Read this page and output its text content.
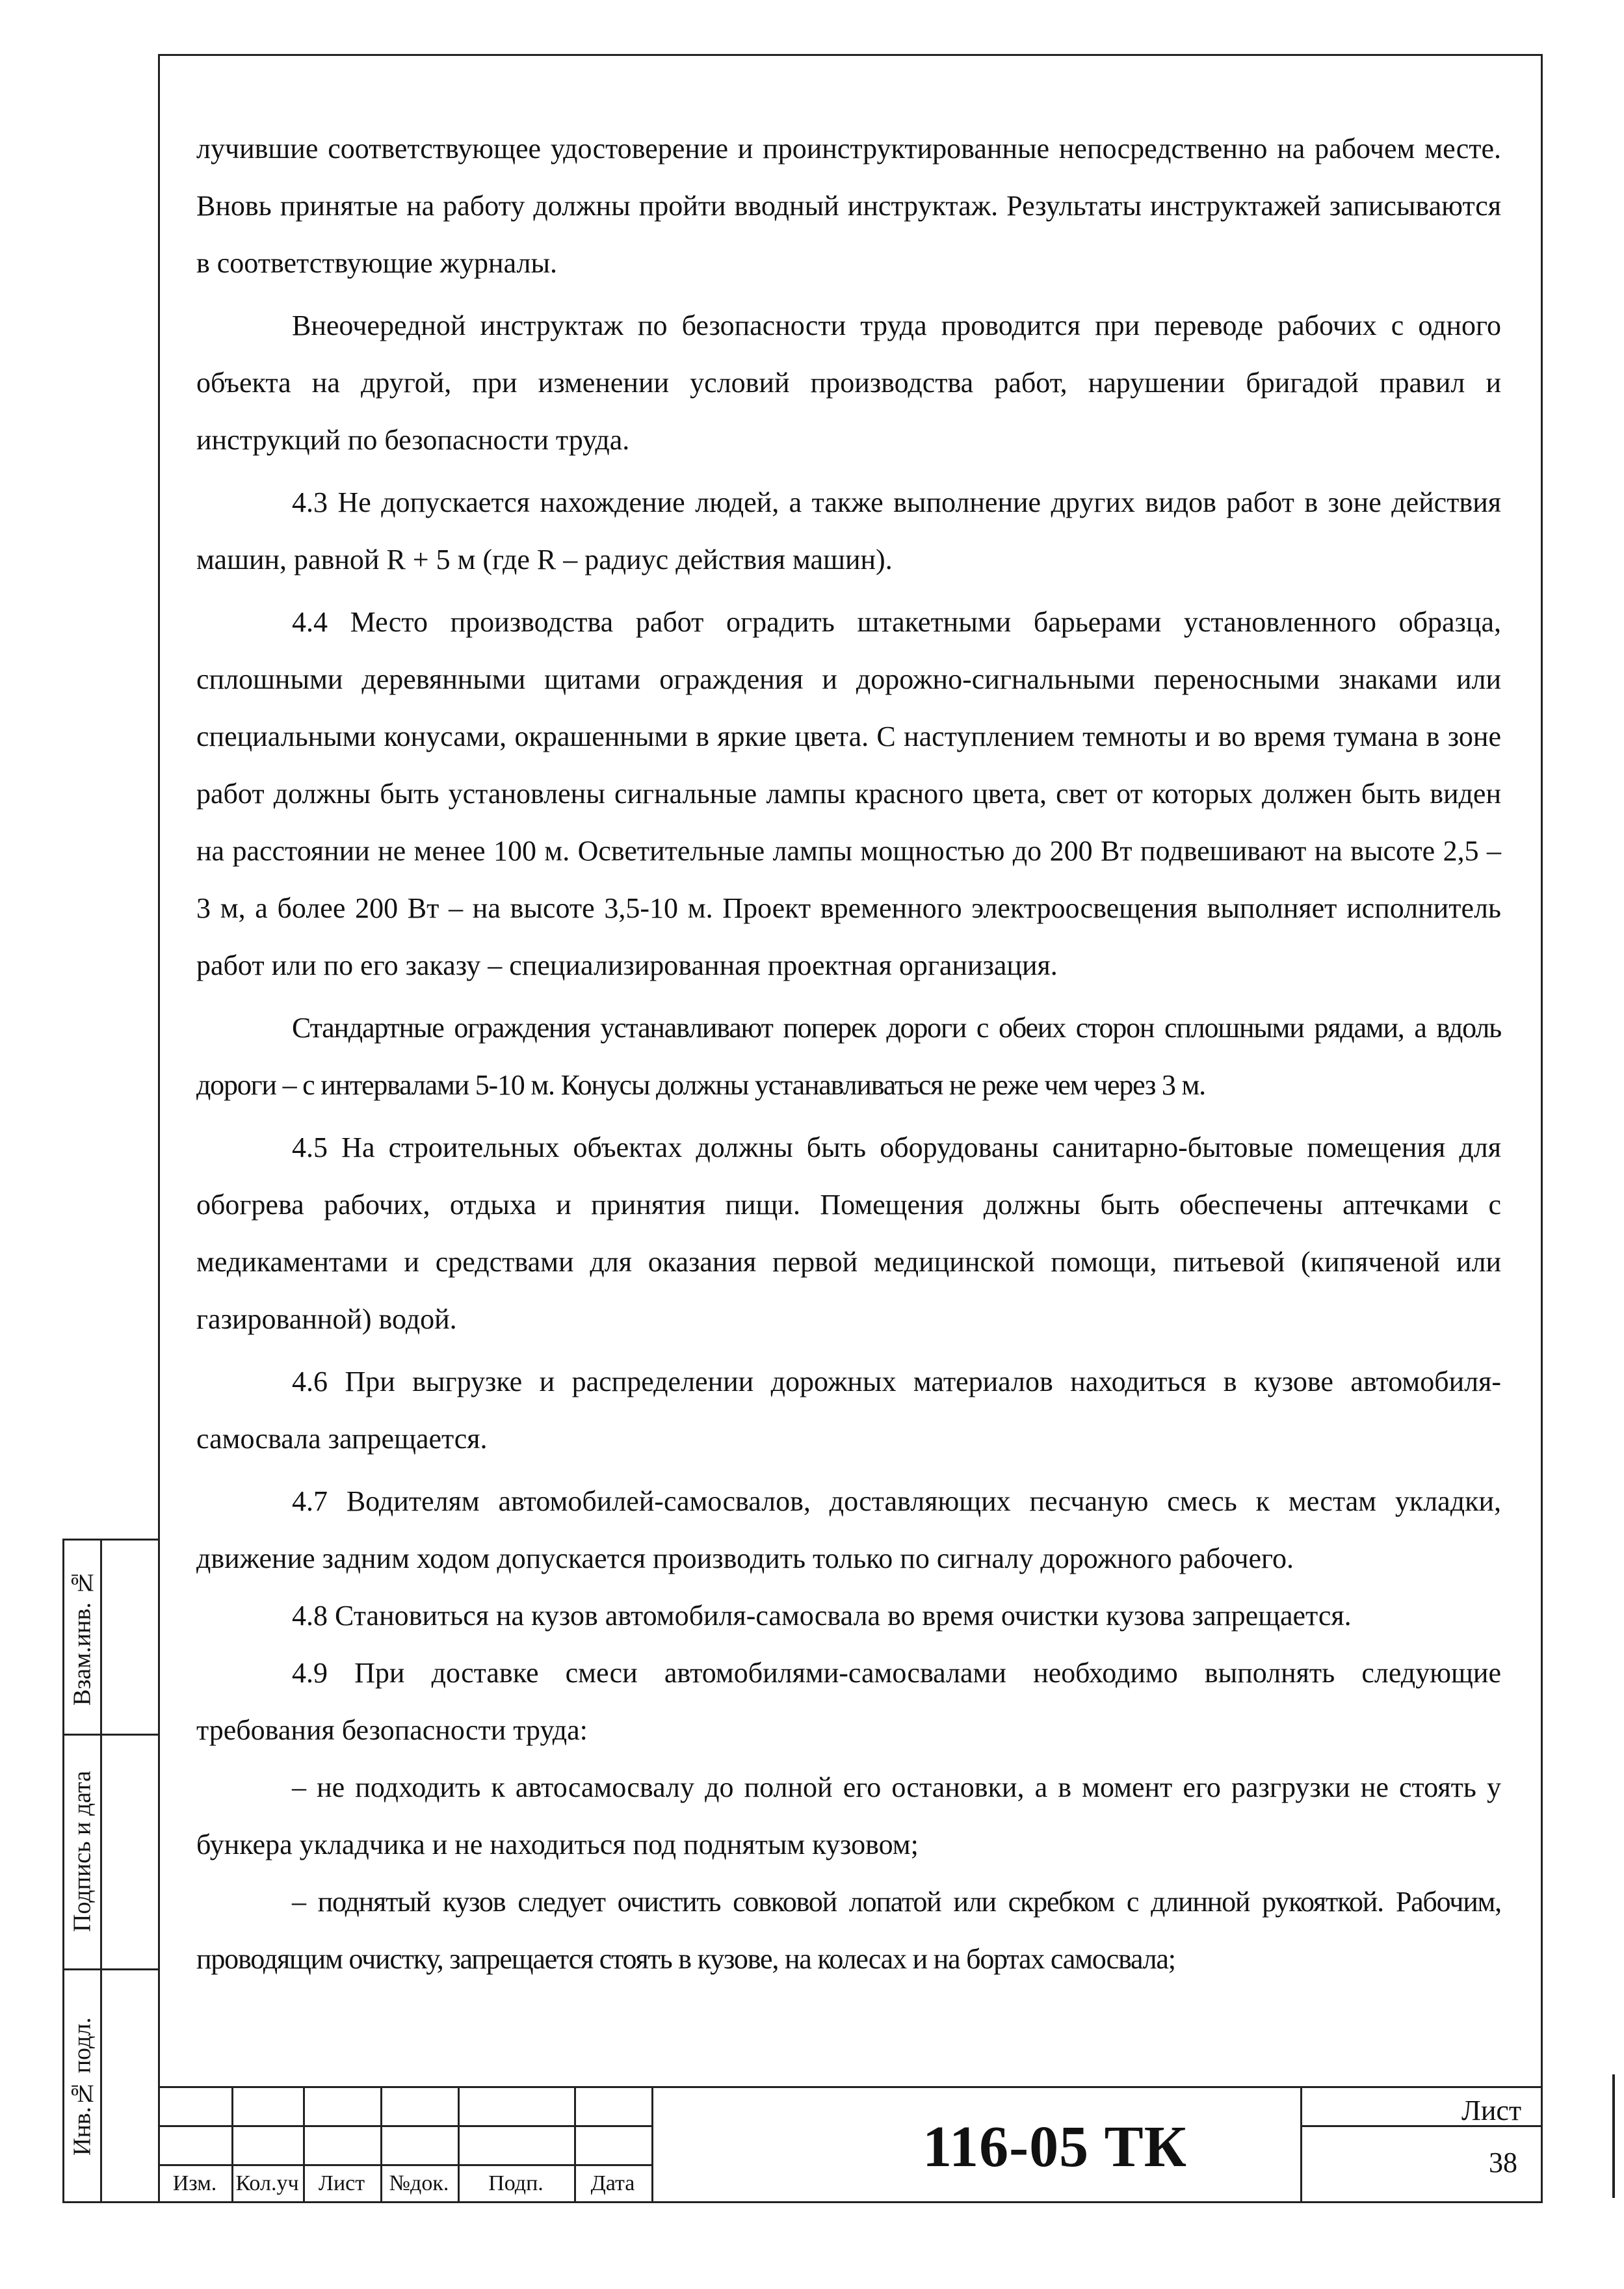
лучившие соответствующее удостоверение и проинструктированные непосредственно на рабочем месте. Вновь принятые на работу должны пройти вводный инструктаж. Результаты инструктажей записываются в соответствующие журналы.

Внеочередной инструктаж по безопасности труда проводится при переводе рабочих с одного объекта на другой, при изменении условий производства работ, нарушении бригадой правил и инструкций по безопасности труда.

4.3 Не допускается нахождение людей, а также выполнение других видов работ в зоне действия машин, равной R + 5 м (где R – радиус действия машин).

4.4 Место производства работ оградить штакетными барьерами установленного образца, сплошными деревянными щитами ограждения и дорожно-сигнальными переносными знаками или специальными конусами, окрашенными в яркие цвета. С наступлением темноты и во время тумана в зоне работ должны быть установлены сигнальные лампы красного цвета, свет от которых должен быть виден на расстоянии не менее 100 м. Осветительные лампы мощностью до 200 Вт подвешивают на высоте 2,5 – 3 м, а более 200 Вт – на высоте 3,5-10 м. Проект временного электроосвещения выполняет исполнитель работ или по его заказу – специализированная проектная организация.

Стандартные ограждения устанавливают поперек дороги с обеих сторон сплошными рядами, а вдоль дороги – с интервалами 5-10 м. Конусы должны устанавливаться не реже чем через 3 м.

4.5 На строительных объектах должны быть оборудованы санитарно-бытовые помещения для обогрева рабочих, отдыха и принятия пищи. Помещения должны быть обеспечены аптечками с медикаментами и средствами для оказания первой медицинской помощи, питьевой (кипяченой или газированной) водой.

4.6 При выгрузке и распределении дорожных материалов находиться в кузове автомобиля-самосвала запрещается.

4.7 Водителям автомобилей-самосвалов, доставляющих песчаную смесь к местам укладки, движение задним ходом допускается производить только по сигналу дорожного рабочего.

4.8 Становиться на кузов автомобиля-самосвала во время очистки кузова запрещается.

4.9 При доставке смеси автомобилями-самосвалами необходимо выполнять следующие требования безопасности труда:

– не подходить к автосамосвалу до полной его остановки, а в момент его разгрузки не стоять у бункера укладчика и не находиться под поднятым кузовом;

– поднятый кузов следует очистить совковой лопатой или скребком с длинной рукояткой. Рабочим, проводящим очистку, запрещается стоять в кузове, на колесах и на бортах самосвала;

Взам.инв. №
Подпись и дата
Инв.№ подл.
Изм. Кол.уч Лист	№док.	Подп.	Дата
116-05 ТК
Лист
38
